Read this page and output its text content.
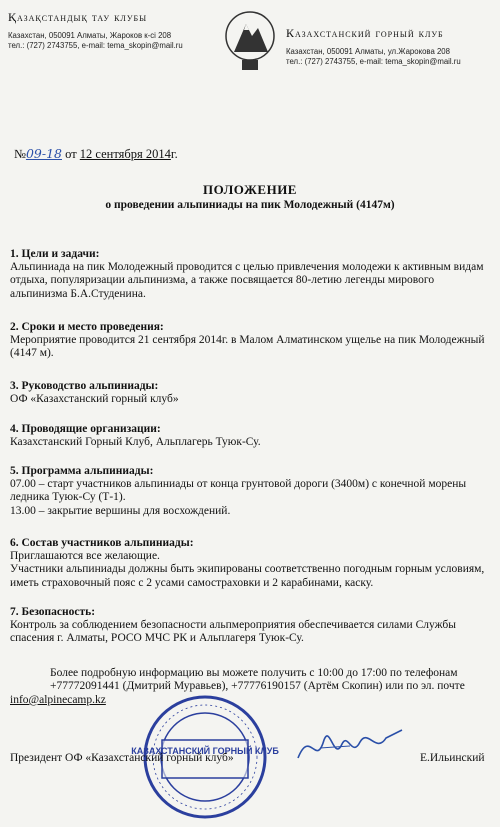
Қазақстандық тау клубы
Казахстан, 050091 Алматы, Жароков к-сі 208
тел.: (727) 2743755, e-mail: tema_skopin@mail.ru
Казахстанский горный клуб
Казахстан, 050091 Алматы, ул.Жарокова 208
тел.: (727) 2743755, e-mail: tema_skopin@mail.ru
№09-18 от 12 сентября 2014г.
ПОЛОЖЕНИЕ
о проведении альпиниады на пик Молодежный (4147м)
1. Цели и задачи:

Альпиниада на пик Молодежный проводится с целью привлечения молодежи к активным видам отдыха, популяризации альпинизма, а также посвящается 80-летию легенды мирового альпинизма Б.А.Студенина.

2. Сроки и место проведения:

Мероприятие проводится 21 сентября 2014г. в Малом Алматинском ущелье на пик Молодежный (4147 м).

3. Руководство альпиниады:

ОФ «Казахстанский горный клуб»

4. Проводящие организации:

Казахстанский Горный Клуб, Альплагерь Туюк-Су.

5. Программа альпиниады:

07.00 – старт участников альпиниады от конца грунтовой дороги (3400м) с конечной морены ледника Туюк-Су (Т-1).

13.00 – закрытие вершины для восхождений.

6. Состав участников альпиниады:

Приглашаются все желающие.

Участники альпиниады должны быть экипированы соответственно погодным горным условиям, иметь страховочный пояс с 2 усами самостраховки и 2 карабинами, каску.

7. Безопасность:

Контроль за соблюдением безопасности альпмероприятия обеспечивается силами Службы спасения г. Алматы, РОСО МЧС РК и Альплагеря Туюк-Су.

Более подробную информацию вы можете получить с 10:00 до 17:00 по телефонам +77772091441 (Дмитрий Муравьев), +77776190157 (Артём Скопин) или по эл. почте
info@alpinecamp.kz
КАЗАХСТАНСКИЙ ГОРНЫЙ КЛУБ
Президент ОФ «Казахстанский горный клуб»	Е.Ильинский
